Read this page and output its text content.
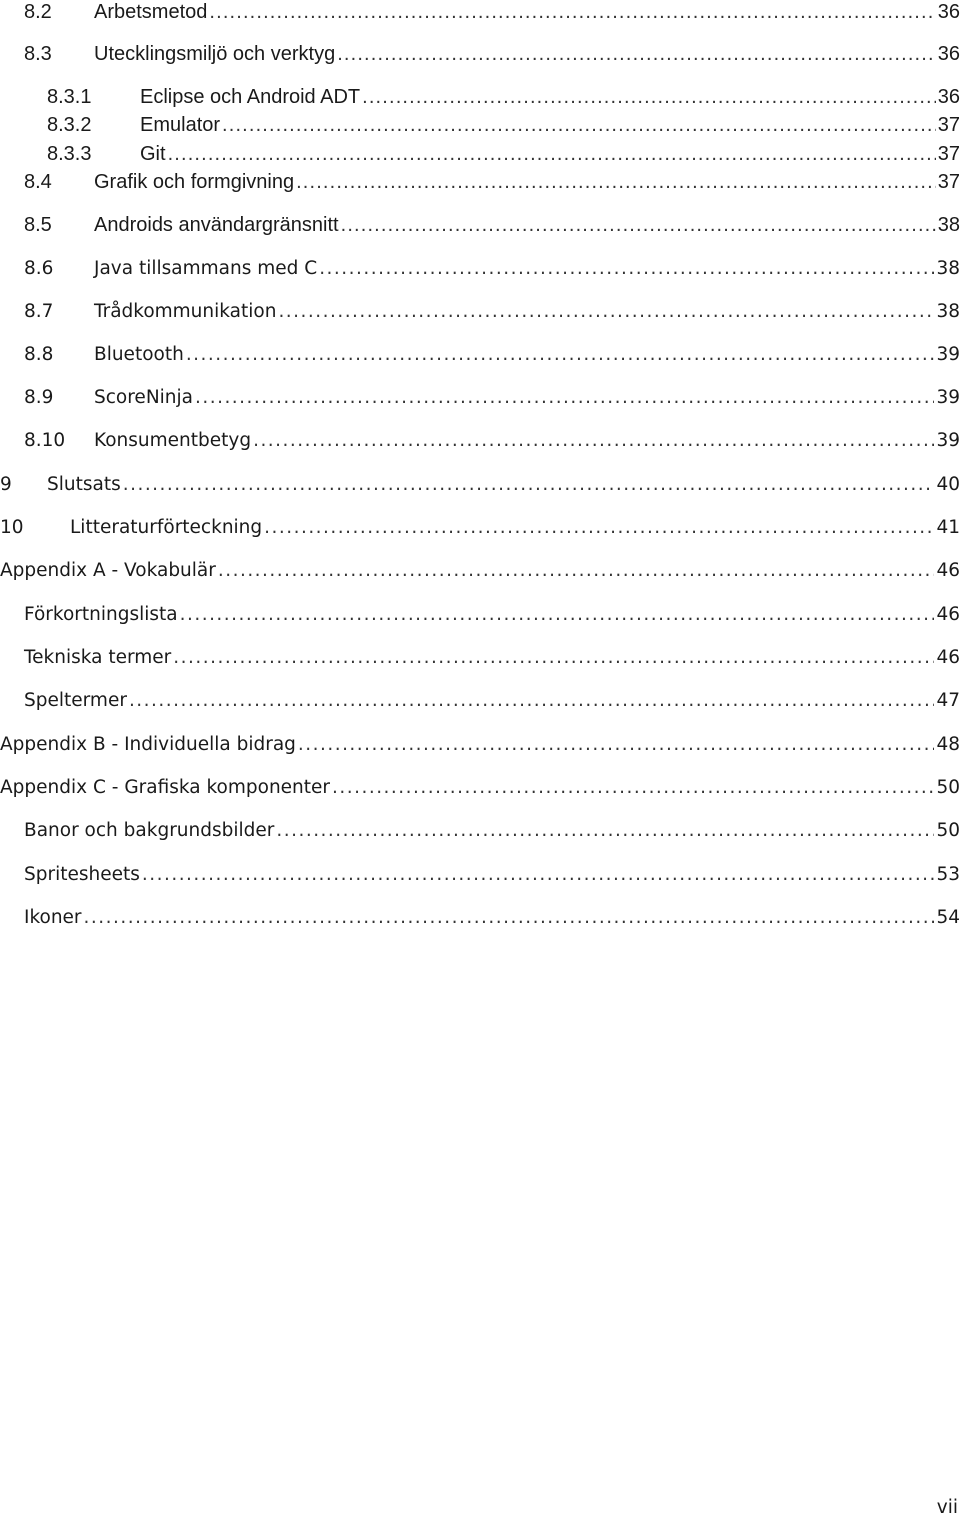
8.2	Arbetsmetod . . .	36
8.3	Utecklingsmiljö och verktyg . . .	36
8.3.1	Eclipse och Android ADT . . .	36
8.3.2	Emulator . . .	37
8.3.3	Git . . .	37
8.4	Grafik och formgivning . . .	37
8.5	Androids användargränsnitt . . .	38
8.6	Java tillsammans med C . . .	38
8.7	Trådkommunikation . . .	38
8.8	Bluetooth . . .	39
8.9	ScoreNinja . . .	39
8.10	Konsumentbetyg . . .	39
9	Slutsats . . .	40
10	Litteraturförteckning . . .	41
Appendix A - Vokabulär . . .	46
Förkortningslista . . .	46
Tekniska termer . . .	46
Speltermer . . .	47
Appendix B - Individuella bidrag . . .	48
Appendix C - Grafiska komponenter . . .	50
Banor och bakgrundsbilder . . .	50
Spritesheets . . .	53
Ikoner . . .	54
vii
